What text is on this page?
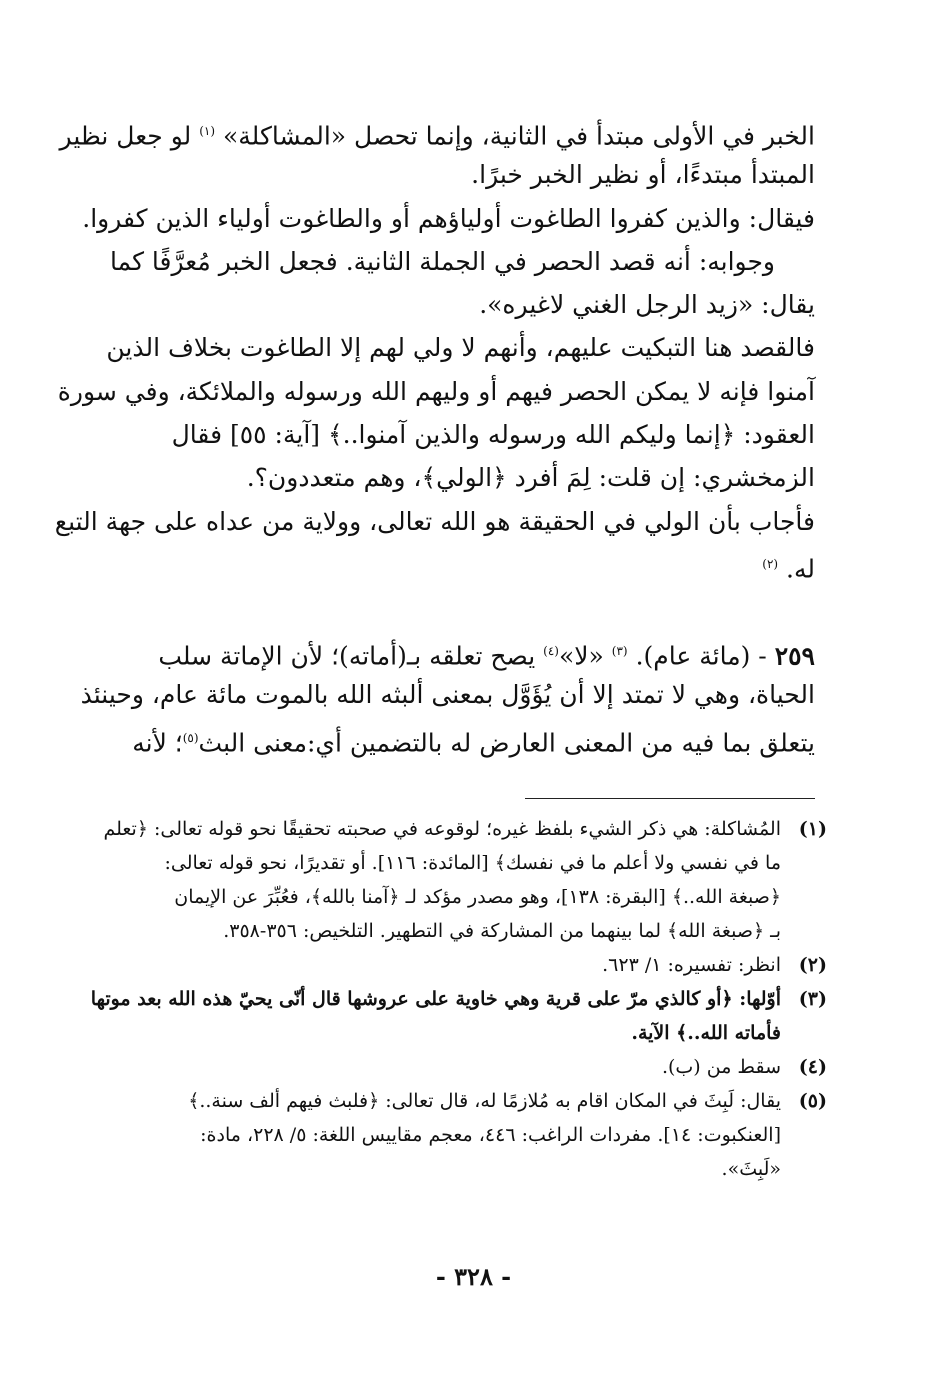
الخبر في الأولى مبتدأ في الثانية، وإنما تحصل «المشاكلة» $^{(١)}$ لو جعل نظير
المبتدأ مبتدءًا، أو نظير الخبر خبرًا.
فيقال: والذين كفروا الطاغوت أولياؤهم أو والطاغوت أولياء الذين كفروا.
وجوابه: أنه قصد الحصر في الجملة الثانية. فجعل الخبر مُعرَّفًا كما
يقال: «زيد الرجل الغني لاغيره».
فالقصد هنا التبكيت عليهم، وأنهم لا ولي لهم إلا الطاغوت بخلاف الذين
آمنوا فإنه لا يمكن الحصر فيهم أو وليهم الله ورسوله والملائكة، وفي سورة
العقود: ﴿إنما وليكم الله ورسوله والذين آمنوا..﴾ [آية: ٥٥] فقال
الزمخشري: إن قلت: لِمَ أفرد ﴿الولي﴾، وهم متعددون؟.
فأجاب بأن الولي في الحقيقة هو الله تعالى، وولاية من عداه على جهة التبع
له. $^{(٢)}$
٢٥٩ - (مائة عام). $^{(٣)}$ «لا»$^{(٤)}$ يصح تعلقه بـ(أماته)؛ لأن الإماتة سلب
الحياة، وهي لا تمتد إلا أن يُؤَوَّل بمعنى ألبثه الله بالموت مائة عام، وحينئذ
يتعلق بما فيه من المعنى العارض له بالتضمين أي:معنى البث$^{(٥)}$؛ لأنه
(١)
المُشاكلة: هي ذكر الشيء بلفظ غيره؛ لوقوعه في صحبته تحقيقًا نحو قوله تعالى: ﴿تعلم
ما في نفسي ولا أعلم ما في نفسك﴾ [المائدة: ١١٦]. أو تقديرًا، نحو قوله تعالى:
﴿صبغة الله..﴾ [البقرة: ١٣٨]، وهو مصدر مؤكد لـ ﴿آمنا بالله﴾، فعُبِّرَ عن الإيمان
بـ ﴿صبغة الله﴾ لما بينهما من المشاركة في التطهير. التلخيص: ٣٥٦-٣٥٨.
(٢)
انظر: تفسيره: ١/ ٦٢٣.
(٣)
أوّلها: ﴿أو كالذي مرّ على قرية وهي خاوية على عروشها قال أنّى يحيّ هذه الله بعد موتها
فأماته الله..﴾ الآية.
(٤)
سقط من (ب).
(٥)
يقال: لَبِثَ في المكان اقام به مُلازمًا له، قال تعالى: ﴿فلبث فيهم ألف سنة..﴾
[العنكبوت: ١٤]. مفردات الراغب: ٤٤٦، معجم مقاييس اللغة: ٥/ ٢٢٨، مادة:
«لَبِثَ».
- ٣٢٨ -
